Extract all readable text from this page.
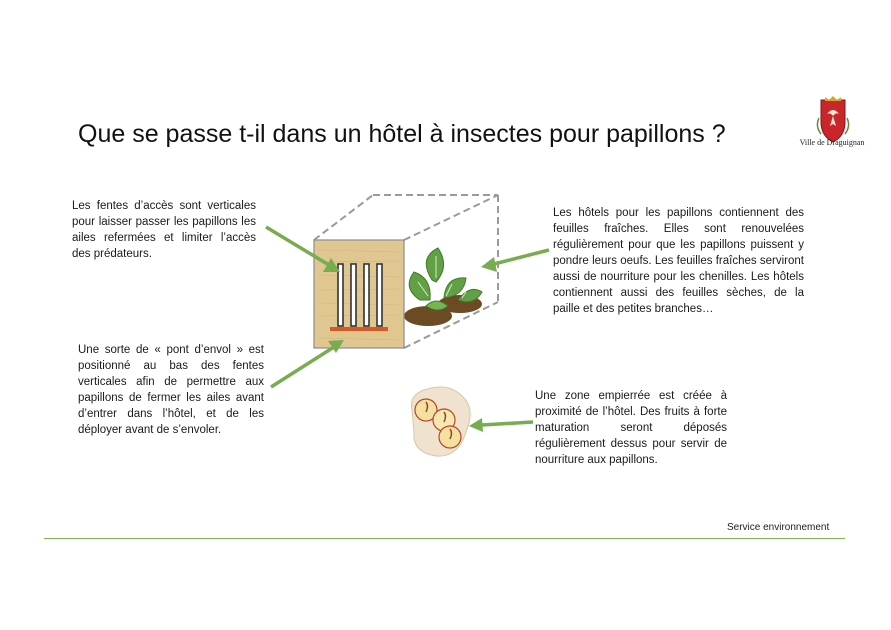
Que se passe t-il dans un hôtel à insectes pour papillons ?	Ville de Draguignan
Les fentes d’accès sont verticales pour laisser passer les papillons les ailes refermées et limiter l’accès des prédateurs.
Une sorte de « pont d’envol » est positionné au bas des fentes verticales afin de permettre aux papillons de fermer les ailes avant d’entrer dans l’hôtel, et de les déployer avant de s’envoler.
Les hôtels pour les papillons contiennent des feuilles fraîches. Elles sont renouvelées régulièrement pour que les papillons puissent y pondre leurs oeufs. Les feuilles fraîches serviront aussi de nourriture pour les chenilles. Les hôtels contiennent aussi des feuilles sèches, de la paille et des petites branches…
Une zone empierrée est créée à proximité de l’hôtel. Des fruits à forte maturation seront déposés régulièrement dessus pour servir de nourriture aux papillons.
Service environnement
